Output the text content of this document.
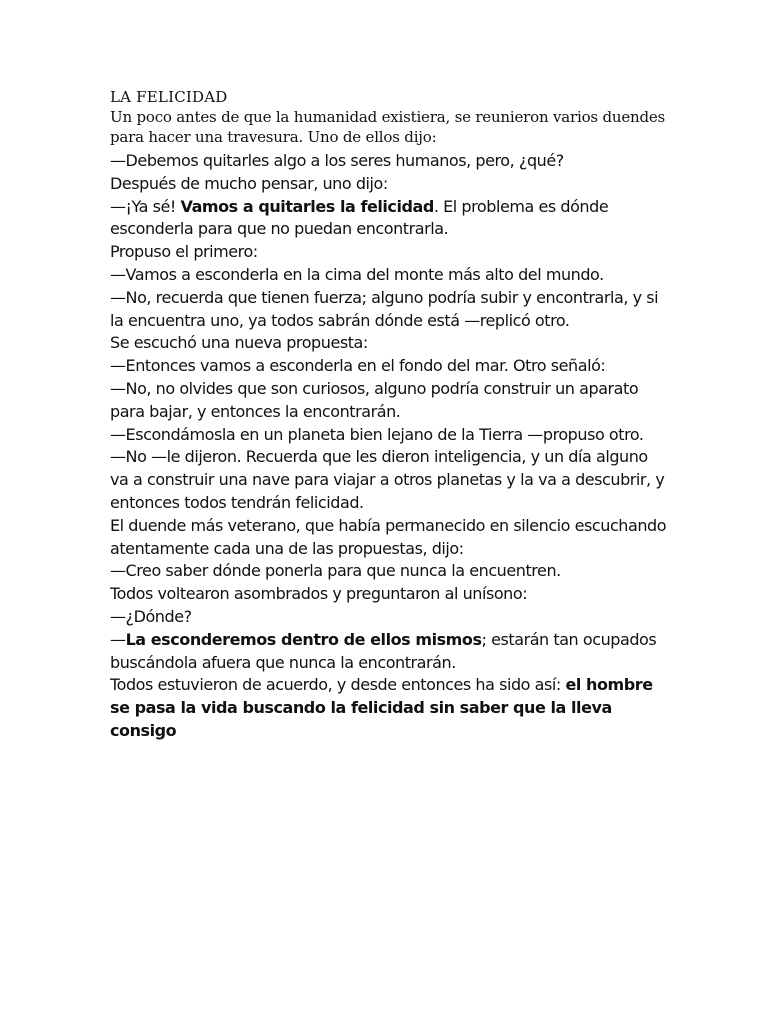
LA FELICIDAD

Un poco antes de que la humanidad existiera, se reunieron varios duendes para hacer una travesura. Uno de ellos dijo:

—Debemos quitarles algo a los seres humanos, pero, ¿qué?

Después de mucho pensar, uno dijo:

—¡Ya sé! Vamos a quitarles la felicidad. El problema es dónde esconderla para que no puedan encontrarla.

Propuso el primero:

—Vamos a esconderla en la cima del monte más alto del mundo.

—No, recuerda que tienen fuerza; alguno podría subir y encontrarla, y si la encuentra uno, ya todos sabrán dónde está —replicó otro.

Se escuchó una nueva propuesta:

—Entonces vamos a esconderla en el fondo del mar. Otro señaló:

—No, no olvides que son curiosos, alguno podría construir un aparato para bajar, y entonces la encontrarán.

—Escondámosla en un planeta bien lejano de la Tierra —propuso otro.

—No —le dijeron. Recuerda que les dieron inteligencia, y un día alguno va a construir una nave para viajar a otros planetas y la va a descubrir, y entonces todos tendrán felicidad.

El duende más veterano, que había permanecido en silencio escuchando atentamente cada una de las propuestas, dijo:

—Creo saber dónde ponerla para que nunca la encuentren.

Todos voltearon asombrados y preguntaron al unísono:

—¿Dónde?

—La esconderemos dentro de ellos mismos; estarán tan ocupados buscándola afuera que nunca la encontrarán.

Todos estuvieron de acuerdo, y desde entonces ha sido así: el hombre se pasa la vida buscando la felicidad sin saber que la lleva consigo
